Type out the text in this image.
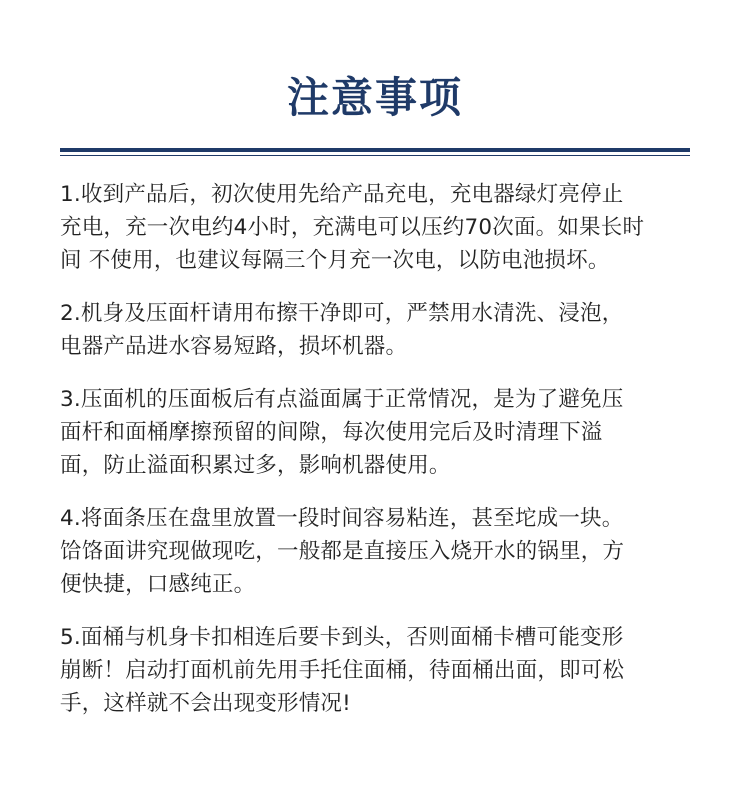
注意事项

1.收到产品后，初次使用先给产品充电，充电器绿灯亮停止
充电，充一次电约4小时，充满电可以压约70次面。如果长时
间 不使用，也建议每隔三个月充一次电，以防电池损坏。

2.机身及压面杆请用布擦干净即可，严禁用水清洗、浸泡，
电器产品进水容易短路，损坏机器。

3.压面机的压面板后有点溢面属于正常情况，是为了避免压
面杆和面桶摩擦预留的间隙，每次使用完后及时清理下溢
面，防止溢面积累过多，影响机器使用。

4.将面条压在盘里放置一段时间容易粘连，甚至坨成一块。
饸饹面讲究现做现吃，一般都是直接压入烧开水的锅里，方
便快捷，口感纯正。

5.面桶与机身卡扣相连后要卡到头，否则面桶卡槽可能变形
崩断！启动打面机前先用手托住面桶，待面桶出面，即可松
手，这样就不会出现变形情况!
